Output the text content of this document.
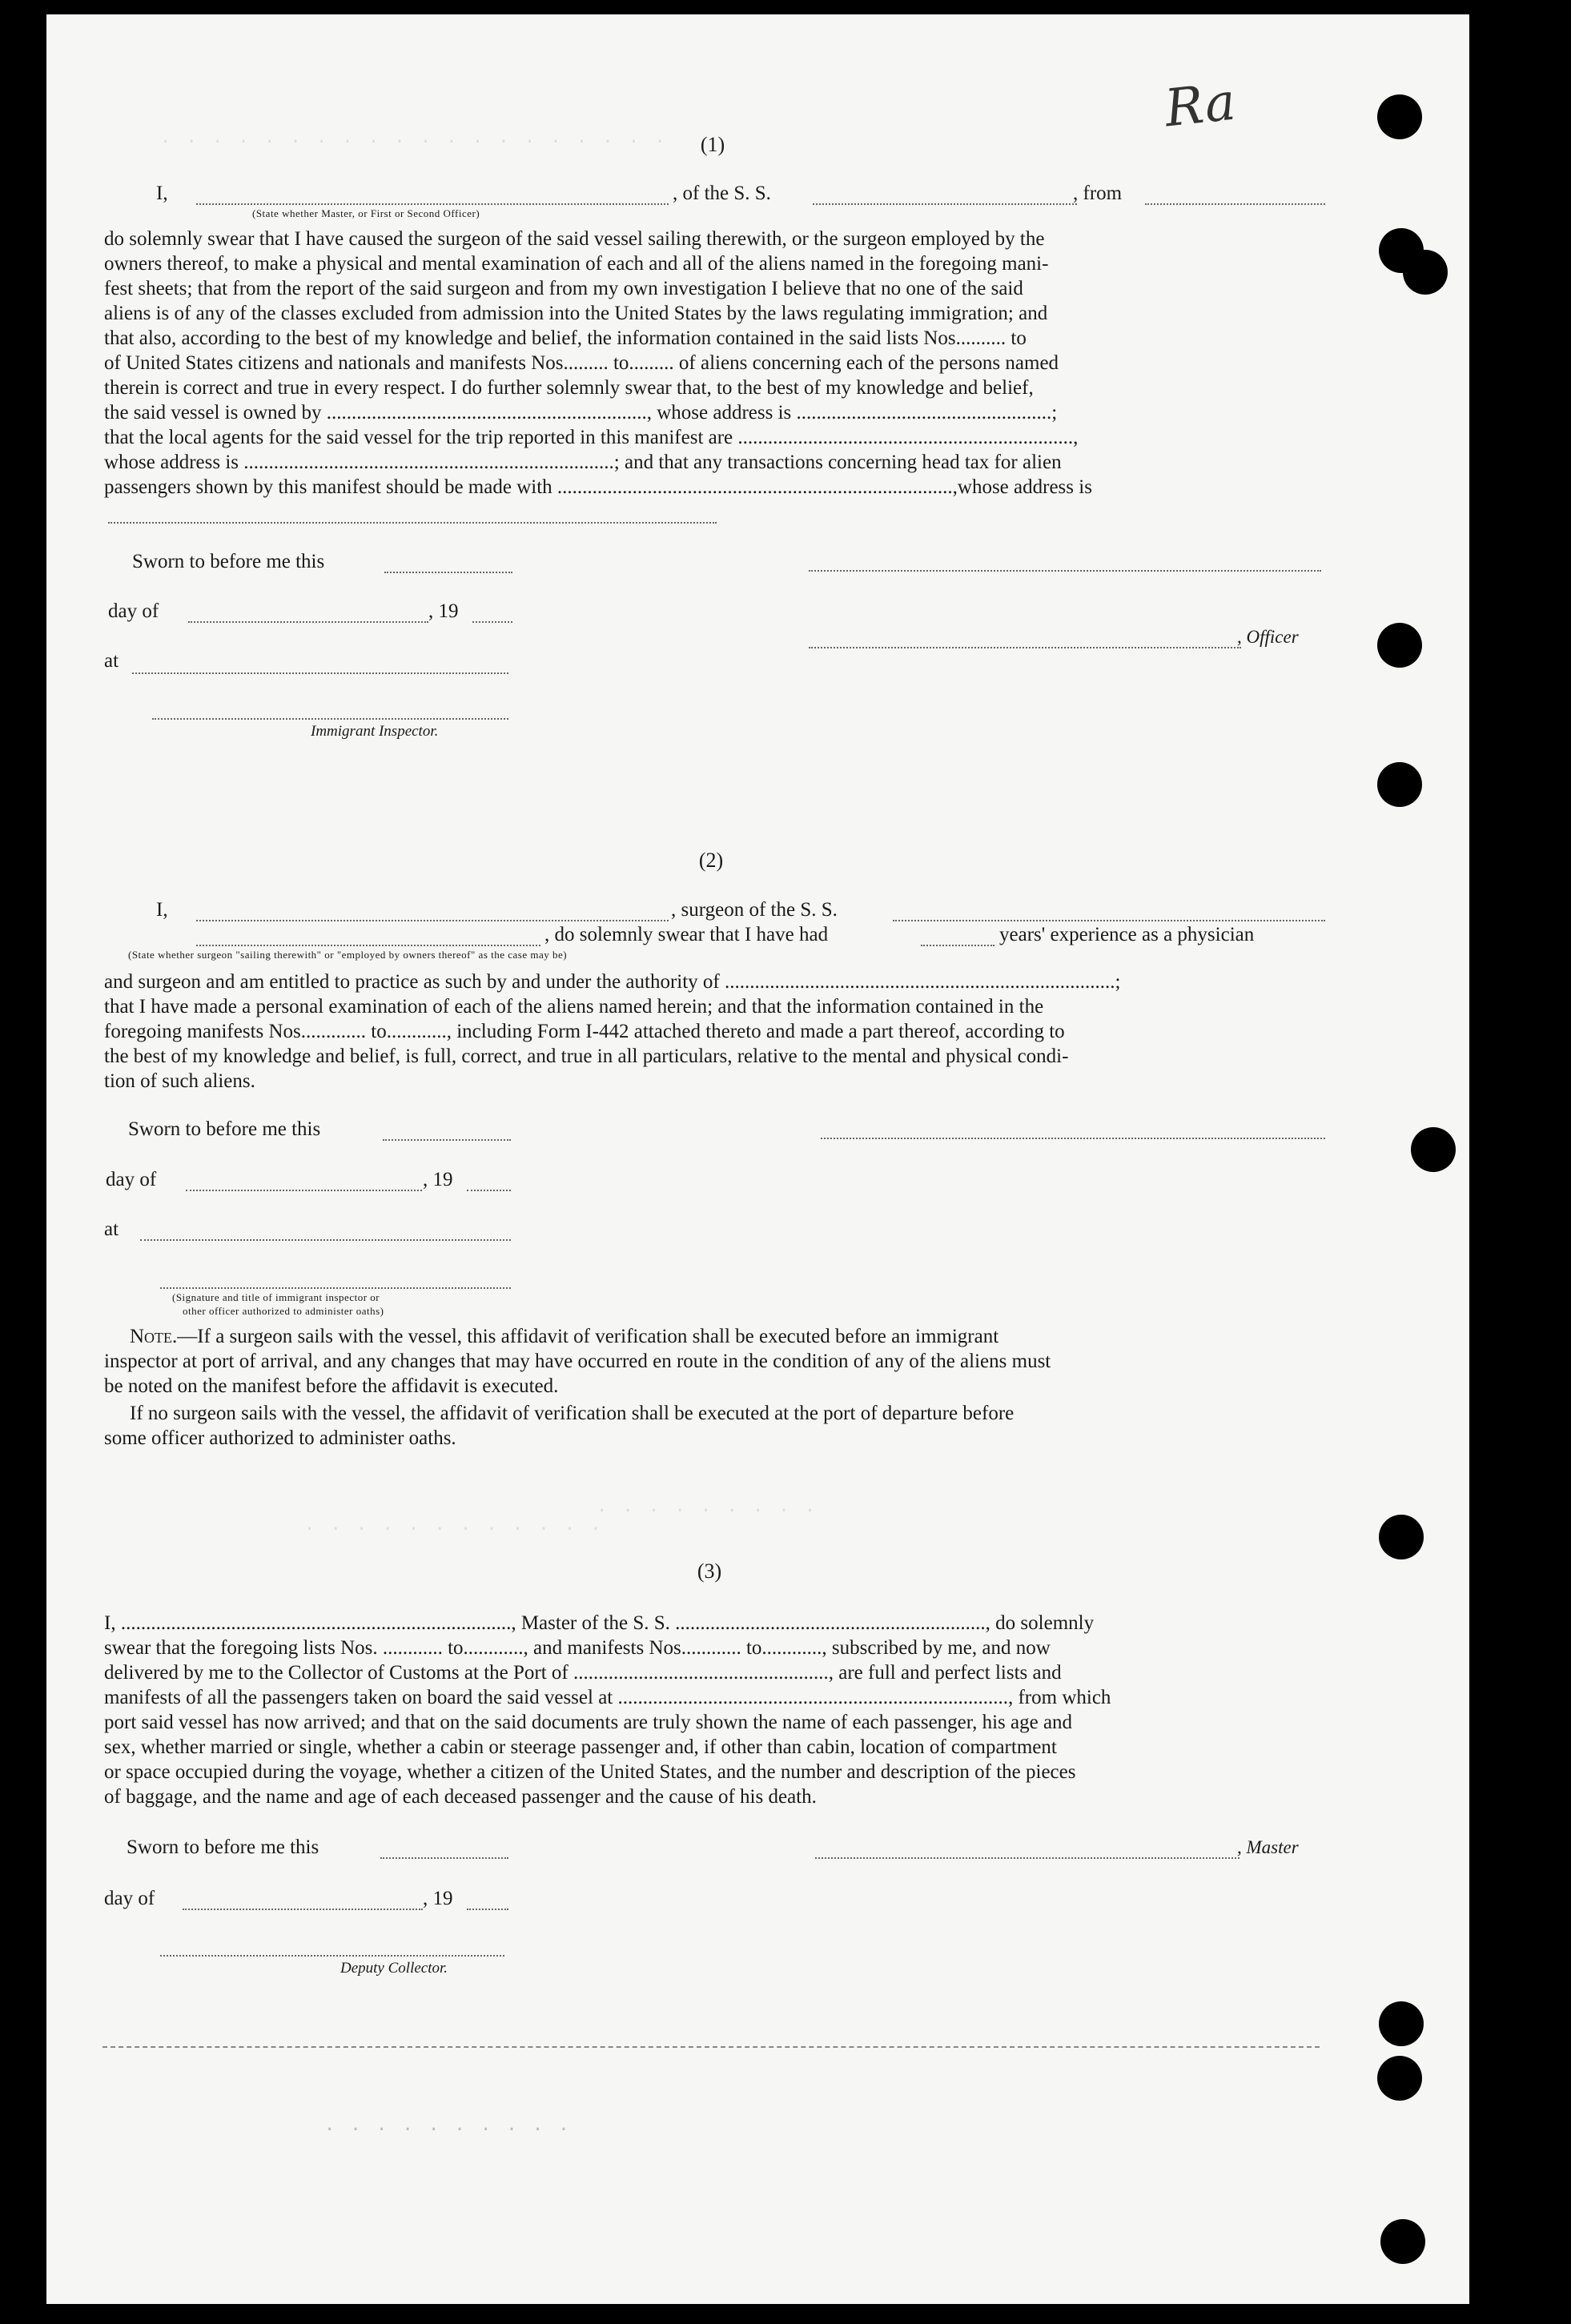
Ra
· · · · · · · · · · · · · · · · · · · ·	(1)
I,
(State whether Master, or First or Second Officer)
, of the S. S.	, from
do solemnly swear that I have caused the surgeon of the said vessel sailing therewith, or the surgeon employed by the
owners thereof, to make a physical and mental examination of each and all of the aliens named in the foregoing mani-
fest sheets; that from the report of the said surgeon and from my own investigation I believe that no one of the said
aliens is of any of the classes excluded from admission into the United States by the laws regulating immigration; and
that also, according to the best of my knowledge and belief, the information contained in the said lists Nos.......... to
of United States citizens and nationals and manifests Nos......... to......... of aliens concerning each of the persons named
therein is correct and true in every respect. I do further solemnly swear that, to the best of my knowledge and belief,
the said vessel is owned by ................................................................, whose address is ...................................................;
that the local agents for the said vessel for the trip reported in this manifest are ...................................................................,
whose address is ..........................................................................; and that any transactions concerning head tax for alien
passengers shown by this manifest should be made with ...............................................................................,whose address is
Sworn to before me this
day of	, 19
, Officer
at
Immigrant Inspector.
(2)
I,	, surgeon of the S. S.
, do solemnly swear that I have had	years' experience as a physician
(State whether surgeon "sailing therewith" or "employed by owners thereof" as the case may be)
and surgeon and am entitled to practice as such by and under the authority of ..............................................................................;
that I have made a personal examination of each of the aliens named herein; and that the information contained in the
foregoing manifests Nos............. to............, including Form I-442 attached thereto and made a part thereof, according to
the best of my knowledge and belief, is full, correct, and true in all particulars, relative to the mental and physical condi-
tion of such aliens.
Sworn to before me this
day of	, 19
at
(Signature and title of immigrant inspector or
other officer authorized to administer oaths)
Note.—If a surgeon sails with the vessel, this affidavit of verification shall be executed before an immigrant
inspector at port of arrival, and any changes that may have occurred en route in the condition of any of the aliens must
be noted on the manifest before the affidavit is executed.
If no surgeon sails with the vessel, the affidavit of verification shall be executed at the port of departure before
some officer authorized to administer oaths.
· · · · · · · · · · · ·
· · · · · · · · ·
(3)
I, .............................................................................., Master of the S. S. .............................................................., do solemnly
swear that the foregoing lists Nos. ............ to............, and manifests Nos............ to............, subscribed by me, and now
delivered by me to the Collector of Customs at the Port of ..................................................., are full and perfect lists and
manifests of all the passengers taken on board the said vessel at .............................................................................., from which
port said vessel has now arrived; and that on the said documents are truly shown the name of each passenger, his age and
sex, whether married or single, whether a cabin or steerage passenger and, if other than cabin, location of compartment
or space occupied during the voyage, whether a citizen of the United States, and the number and description of the pieces
of baggage, and the name and age of each deceased passenger and the cause of his death.
Sworn to before me this	, Master
day of	, 19
Deputy Collector.
· · · · · · · · · ·
